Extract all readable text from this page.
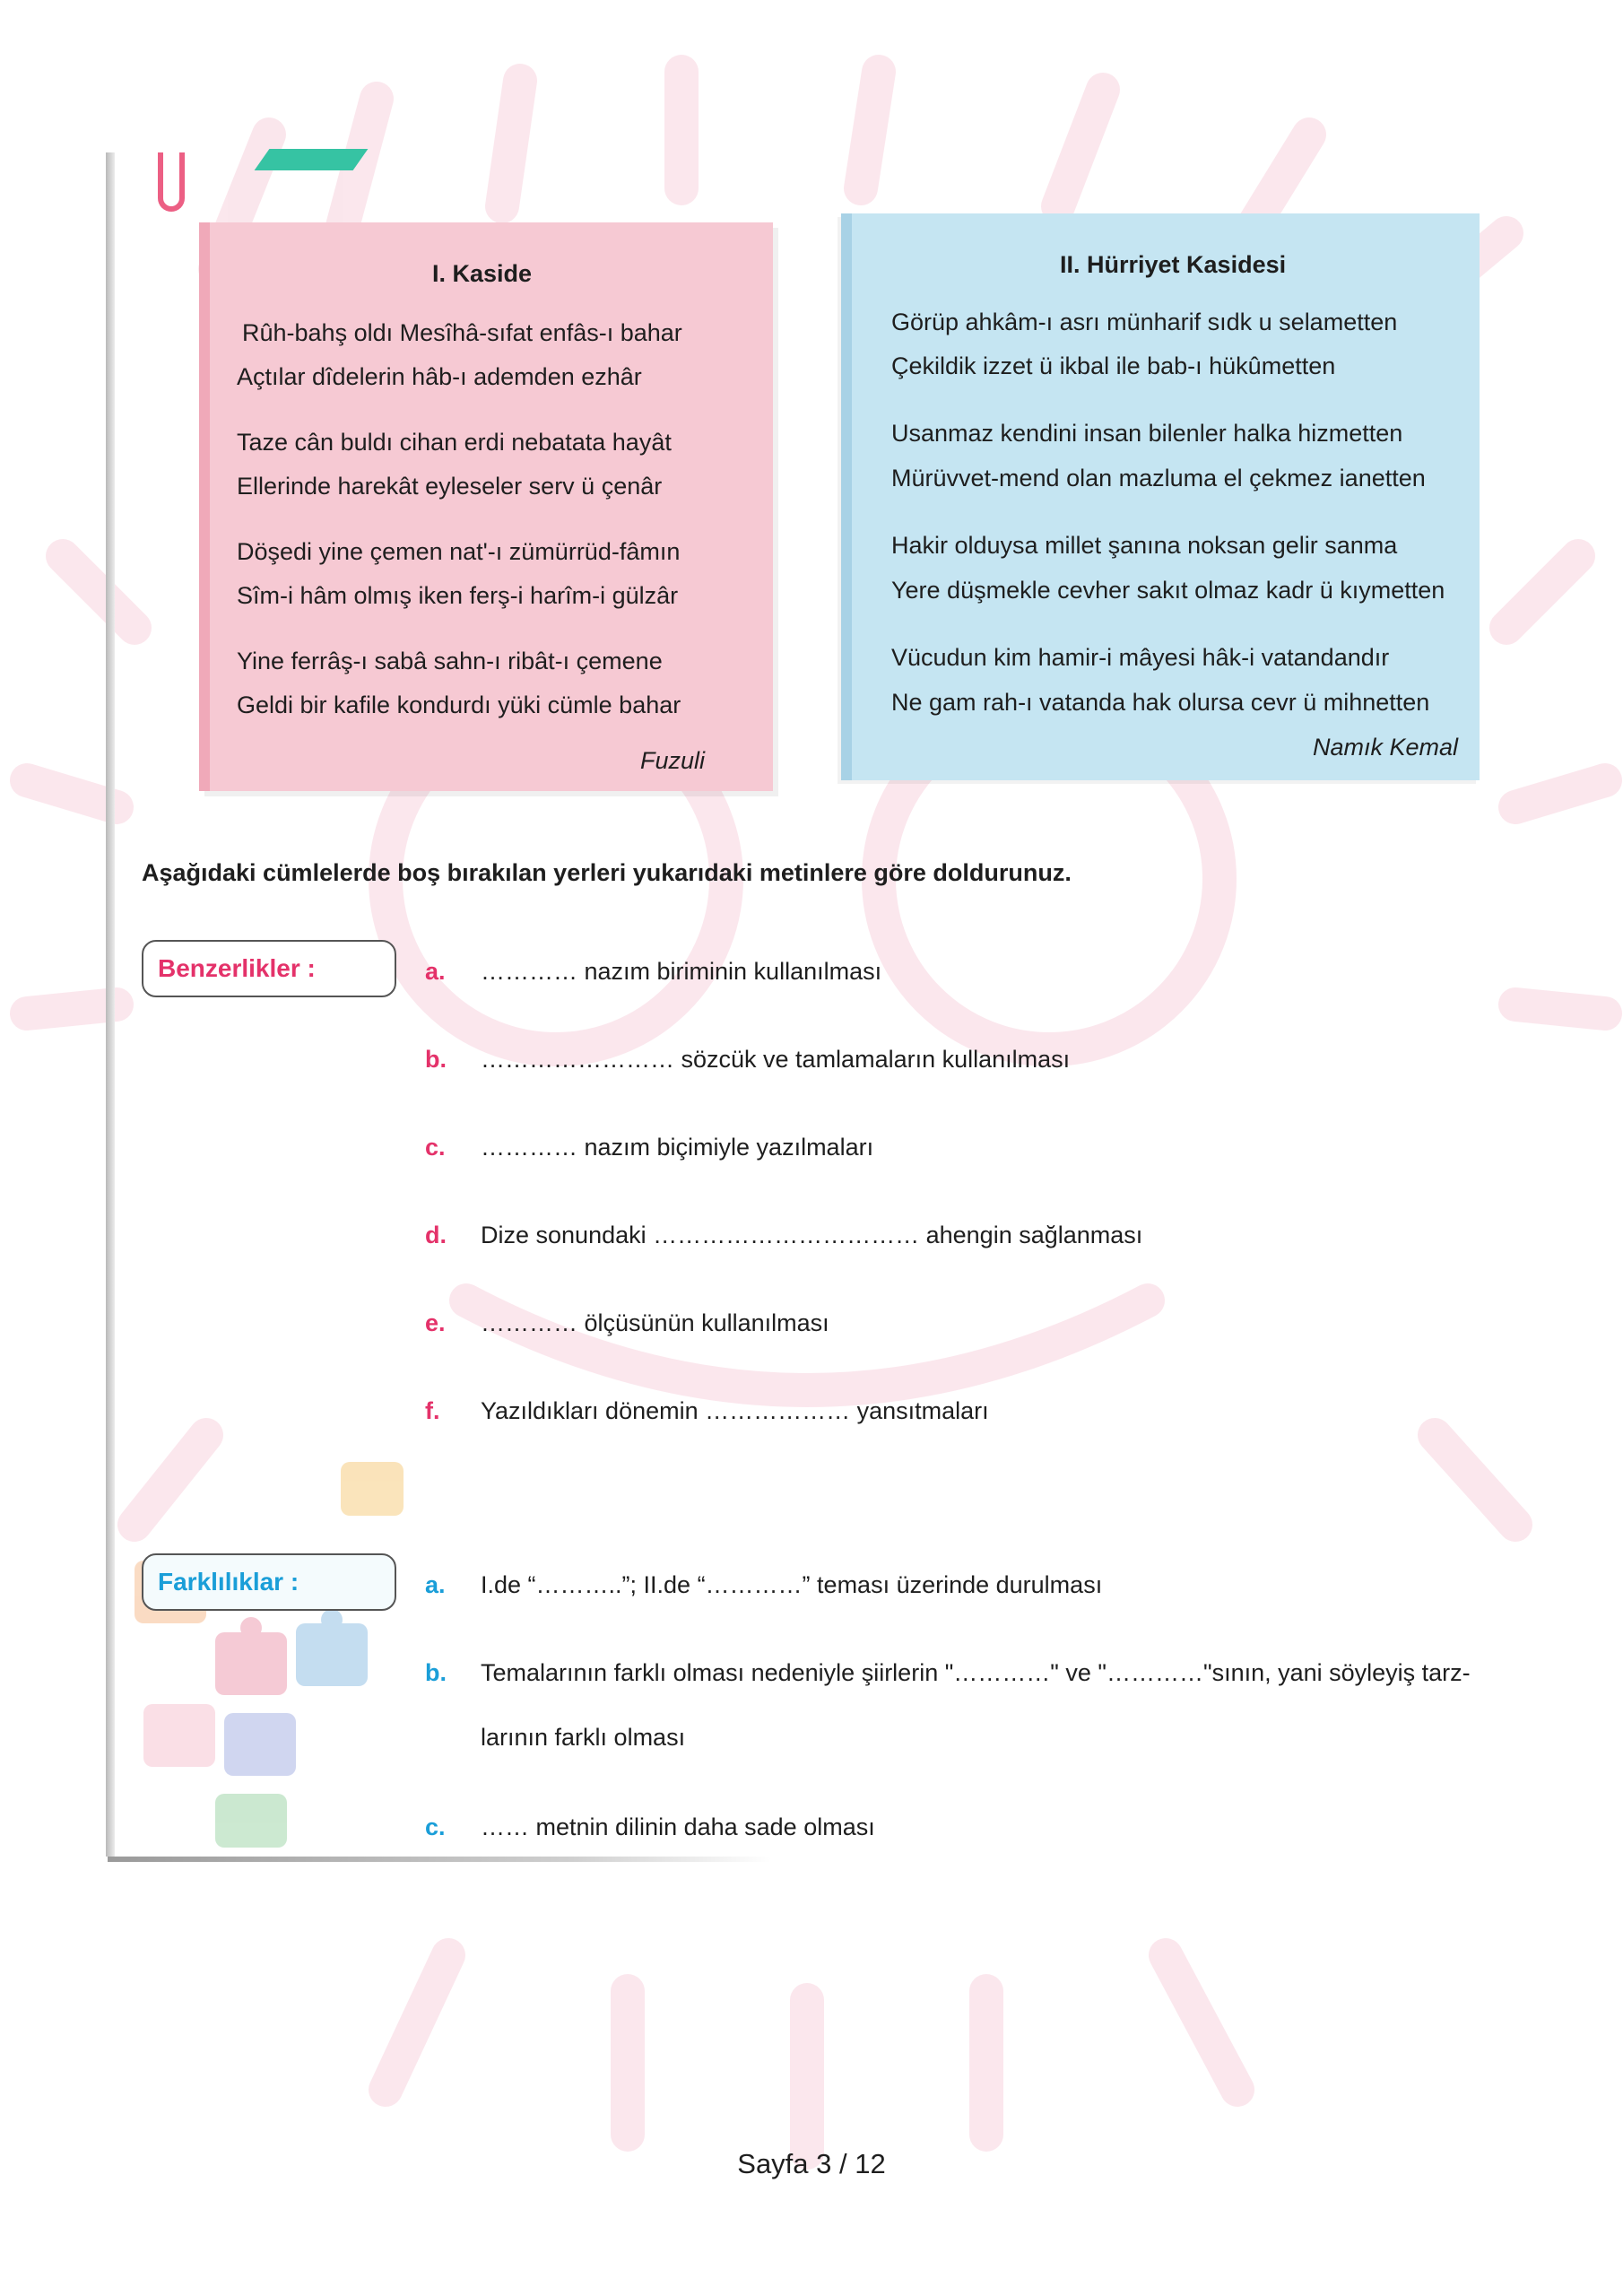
I. Kaside
Rûh-bahş oldı Mesîhâ-sıfat enfâs-ı bahar
Açtılar dîdelerin hâb-ı ademden ezhâr
Taze cân buldı cihan erdi nebatata hayât
Ellerinde harekât eyleseler serv ü çenâr
Döşedi yine çemen nat'-ı zümürrüd-fâmın
Sîm-i hâm olmış iken ferş-i harîm-i gülzâr
Yine ferrâş-ı sabâ sahn-ı ribât-ı çemene
Geldi bir kafile kondurdı yüki cümle bahar
Fuzuli
II. Hürriyet Kasidesi
Görüp ahkâm-ı asrı münharif sıdk u selametten
Çekildik izzet ü ikbal ile bab-ı hükûmetten
Usanmaz kendini insan bilenler halka hizmetten
Mürüvvet-mend olan mazluma el çekmez ianetten
Hakir olduysa millet şanına noksan gelir sanma
Yere düşmekle cevher sakıt olmaz kadr ü kıymetten
Vücudun kim hamir-i mâyesi hâk-i vatandandır
Ne gam rah-ı vatanda hak olursa cevr ü mihnetten
Namık Kemal
Aşağıdaki cümlelerde boş bırakılan yerleri yukarıdaki metinlere göre doldurunuz.
Benzerlikler :	a. ………… nazım biriminin kullanılması
b. …………………… sözcük ve tamlamaların kullanılması
c. ………… nazım biçimiyle yazılmaları
d. Dize sonundaki …………………………… ahengin sağlanması
e. ………… ölçüsünün kullanılması
f. Yazıldıkları dönemin ……………… yansıtmaları
Farklılıklar :	a. I.de “………..”; II.de “…………” teması üzerinde durulması
b. Temalarının farklı olması nedeniyle şiirlerin "…………" ve "…………"sının, yani söyleyiş tarz-
larının farklı olması
c. …… metnin dilinin daha sade olması
Sayfa 3 / 12
